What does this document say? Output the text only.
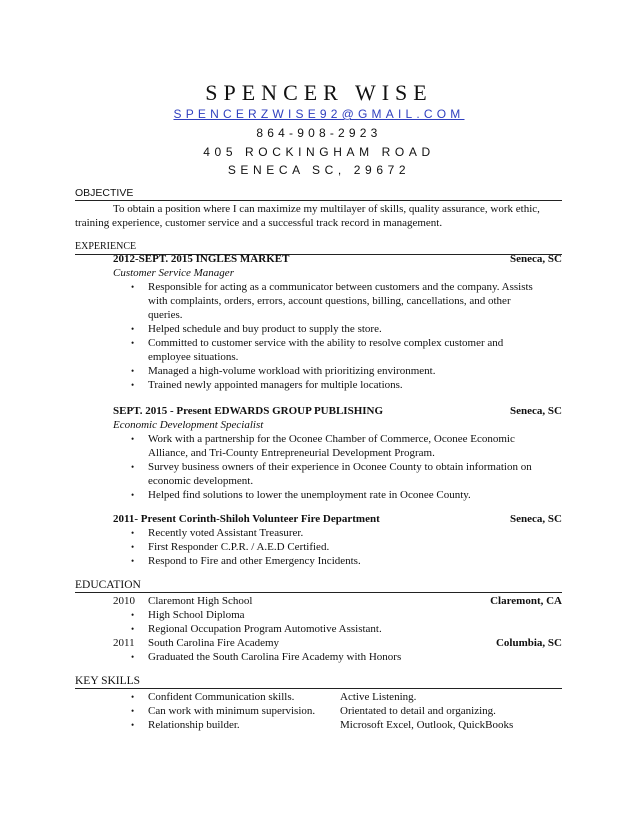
SPENCER WISE
SPENCERZWISE92@GMAIL.COM
864-908-2923
405 ROCKINGHAM ROAD
SENECA SC, 29672
OBJECTIVE
To obtain a position where I can maximize my multilayer of skills, quality assurance, work ethic,
training experience, customer service and a successful track record in management.
EXPERIENCE
2012-SEPT. 2015 INGLES MARKET	Seneca, SC
Customer Service Manager
• Responsible for acting as a communicator between customers and the company. Assists
with complaints, orders, errors, account questions, billing, cancellations, and other
queries.
• Helped schedule and buy product to supply the store.
• Committed to customer service with the ability to resolve complex customer and
employee situations.
• Managed a high-volume workload with prioritizing environment.
• Trained newly appointed managers for multiple locations.
SEPT. 2015 - Present EDWARDS GROUP PUBLISHING	Seneca, SC
Economic Development Specialist
• Work with a partnership for the Oconee Chamber of Commerce, Oconee Economic
Alliance, and Tri-County Entrepreneurial Development Program.
• Survey business owners of their experience in Oconee County to obtain information on
economic development.
• Helped find solutions to lower the unemployment rate in Oconee County.
2011- Present Corinth-Shiloh Volunteer Fire Department	Seneca, SC
• Recently voted Assistant Treasurer.
• First Responder C.P.R. / A.E.D Certified.
• Respond to Fire and other Emergency Incidents.
EDUCATION
2010 Claremont High School	Claremont, CA
• High School Diploma
• Regional Occupation Program Automotive Assistant.
2011 South Carolina Fire Academy	Columbia, SC
• Graduated the South Carolina Fire Academy with Honors
KEY SKILLS
• Confident Communication skills.	Active Listening.
• Can work with minimum supervision. Orientated to detail and organizing.
• Relationship builder.	Microsoft Excel, Outlook, QuickBooks
